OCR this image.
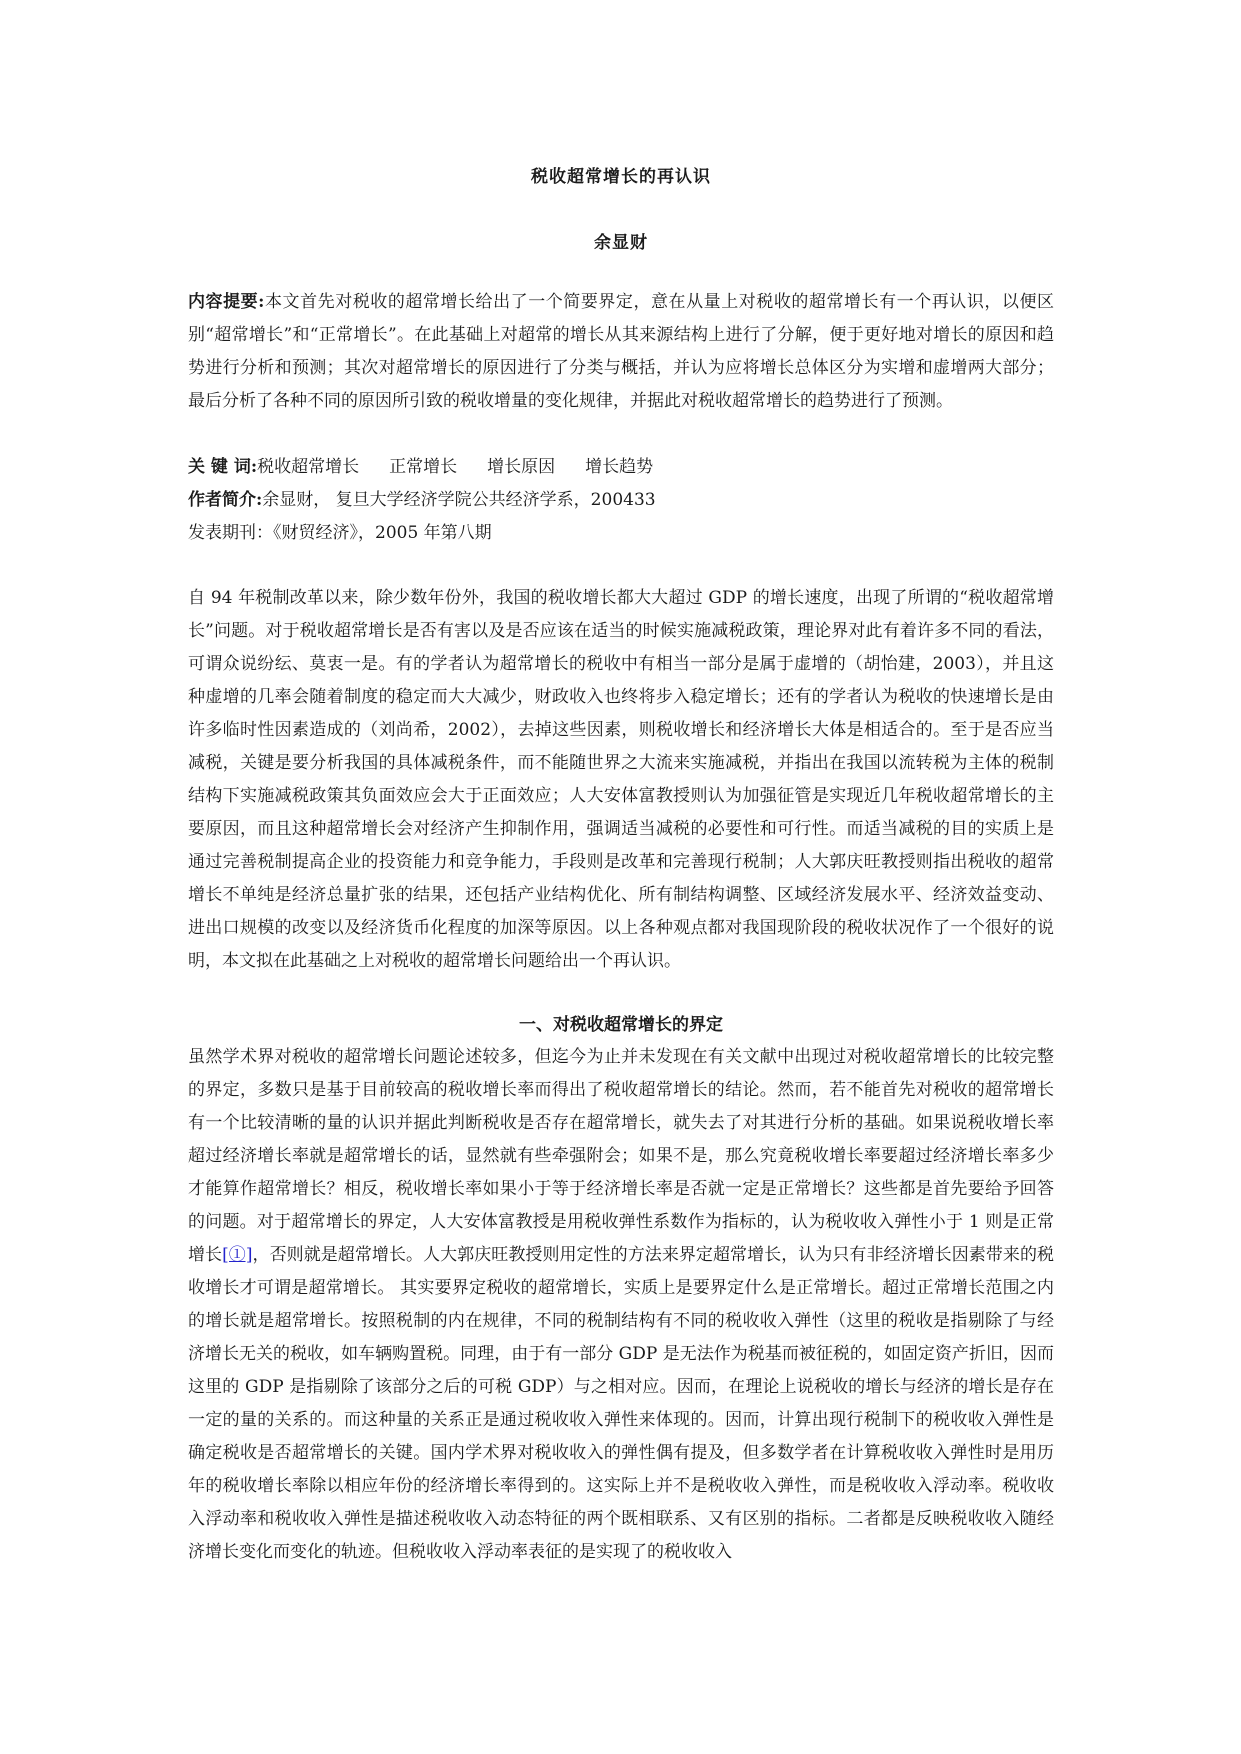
税收超常增长的再认识
余显财
内容提要:本文首先对税收的超常增长给出了一个简要界定，意在从量上对税收的超常增长有一个再认识，以便区别“超常增长”和“正常增长”。在此基础上对超常的增长从其来源结构上进行了分解，便于更好地对增长的原因和趋势进行分析和预测；其次对超常增长的原因进行了分类与概括，并认为应将增长总体区分为实增和虚增两大部分；最后分析了各种不同的原因所引致的税收增量的变化规律，并据此对税收超常增长的趋势进行了预测。
关 键 词:税收超常增长 正常增长 增长原因 增长趋势
作者简介:余显财， 复旦大学经济学院公共经济学系，200433
发表期刊：《财贸经济》，2005 年第八期
自 94 年税制改革以来，除少数年份外，我国的税收增长都大大超过 GDP 的增长速度，出现了所谓的“税收超常增长”问题。对于税收超常增长是否有害以及是否应该在适当的时候实施减税政策，理论界对此有着许多不同的看法，可谓众说纷纭、莫衷一是。有的学者认为超常增长的税收中有相当一部分是属于虚增的（胡怡建，2003），并且这种虚增的几率会随着制度的稳定而大大减少，财政收入也终将步入稳定增长；还有的学者认为税收的快速增长是由许多临时性因素造成的（刘尚希，2002），去掉这些因素，则税收增长和经济增长大体是相适合的。至于是否应当减税，关键是要分析我国的具体减税条件，而不能随世界之大流来实施减税，并指出在我国以流转税为主体的税制结构下实施减税政策其负面效应会大于正面效应；人大安体富教授则认为加强征管是实现近几年税收超常增长的主要原因，而且这种超常增长会对经济产生抑制作用，强调适当减税的必要性和可行性。而适当减税的目的实质上是通过完善税制提高企业的投资能力和竞争能力，手段则是改革和完善现行税制；人大郭庆旺教授则指出税收的超常增长不单纯是经济总量扩张的结果，还包括产业结构优化、所有制结构调整、区域经济发展水平、经济效益变动、进出口规模的改变以及经济货币化程度的加深等原因。以上各种观点都对我国现阶段的税收状况作了一个很好的说明，本文拟在此基础之上对税收的超常增长问题给出一个再认识。
一、对税收超常增长的界定
虽然学术界对税收的超常增长问题论述较多，但迄今为止并未发现在有关文献中出现过对税收超常增长的比较完整的界定，多数只是基于目前较高的税收增长率而得出了税收超常增长的结论。然而，若不能首先对税收的超常增长有一个比较清晰的量的认识并据此判断税收是否存在超常增长，就失去了对其进行分析的基础。如果说税收增长率超过经济增长率就是超常增长的话，显然就有些牵强附会；如果不是，那么究竟税收增长率要超过经济增长率多少才能算作超常增长？相反，税收增长率如果小于等于经济增长率是否就一定是正常增长？这些都是首先要给予回答的问题。对于超常增长的界定，人大安体富教授是用税收弹性系数作为指标的，认为税收收入弹性小于 1 则是正常增长[①]，否则就是超常增长。人大郭庆旺教授则用定性的方法来界定超常增长，认为只有非经济增长因素带来的税收增长才可谓是超常增长。 其实要界定税收的超常增长，实质上是要界定什么是正常增长。超过正常增长范围之内的增长就是超常增长。按照税制的内在规律，不同的税制结构有不同的税收收入弹性（这里的税收是指剔除了与经济增长无关的税收，如车辆购置税。同理，由于有一部分 GDP 是无法作为税基而被征税的，如固定资产折旧，因而这里的 GDP 是指剔除了该部分之后的可税 GDP）与之相对应。因而，在理论上说税收的增长与经济的增长是存在一定的量的关系的。而这种量的关系正是通过税收收入弹性来体现的。因而，计算出现行税制下的税收收入弹性是确定税收是否超常增长的关键。国内学术界对税收收入的弹性偶有提及，但多数学者在计算税收收入弹性时是用历年的税收增长率除以相应年份的经济增长率得到的。这实际上并不是税收收入弹性，而是税收收入浮动率。税收收入浮动率和税收收入弹性是描述税收收入动态特征的两个既相联系、又有区别的指标。二者都是反映税收收入随经济增长变化而变化的轨迹。但税收收入浮动率表征的是实现了的税收收入
